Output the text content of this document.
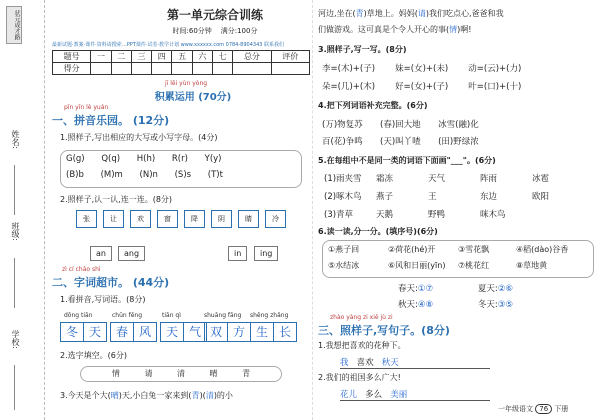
状元成才路
姓名:
班级:
学校:
第一单元综合训练
时间:60分钟 满分:100分
最新试题·教案·课件·资料请搜索…PPT课件·试卷·教学计划 www.xxxxxx.com 0784-8904343 联系我们
题号	一	二	三	四	五	六	七	总分	评价
得分									
jī lěi yùn yòng
积累运用 (70分)
pīn yīn lè yuán
一、拼音乐园。 (12分)
1.照样子,写出相应的大写或小写字母。(4分)
G(g) Q(q) H(h) R(r) Y(y)
(B)b (M)m (N)n (S)s (T)t
2.照样子,认一认,连一连。(8分)
张	让	欢	窗	降	阴	睛	冷
an	ang	in	ing
zì cí chāo shì
二、字词超市。 (44分)
1.看拼音,写词语。(8分)
dōng tiān	chūn fēng	tiān qì	shuāng fāng shēng zhǎng
冬 天	春 风	天 气 双 方 生 长
2.选字填空。(6分)
情	请	清	晴	青
3.今天是个大(晴)天,小白兔一家来到(青)(清)的小
河边,坐在(青)草地上。妈妈(请)我们吃点心,爸爸和我
们做游戏。这可真是个令人开心的事(情)啊!
3.照样子,写一写。(8分)
李=(木)+(子) 妹=(女)+(未) 动=(云)+(力)
朵=(几)+(木) 好=(女)+(子) 叶=(口)+(十)
4.把下列词语补充完整。(6分)
(万)物复苏 (春)回大地 冰雪(融)化
百(花)争鸣 (天)叫丫喳 (田)野绿浓
5.在每组中不是同一类的词语下面画"___"。(6分)
(1)雨夹雪 霜冻	天气	阵雨	冰雹
(2)啄木鸟 燕子	王	东边	欧阳
(3)青草	天鹅	野鸭	咪木鸟
6.读一读,分一分。(填序号)(6分)
①燕子回	②荷花(hé)开	③雪花飘	④稻(dào)谷香
⑤水结冰	⑥风和日丽(yīn) ⑦桃花红	⑧草地黄
春天:①⑦	夏天:②⑥
秋天:④⑧	冬天:③⑤
zhào yàng zi xiě jù zi
三、照样子,写句子。(8分)
1.我想把喜欢的花种下。
我 喜欢 秋天
2.我们的祖国多么广大!
花儿 多么 美丽
一年级语文 76 下册
